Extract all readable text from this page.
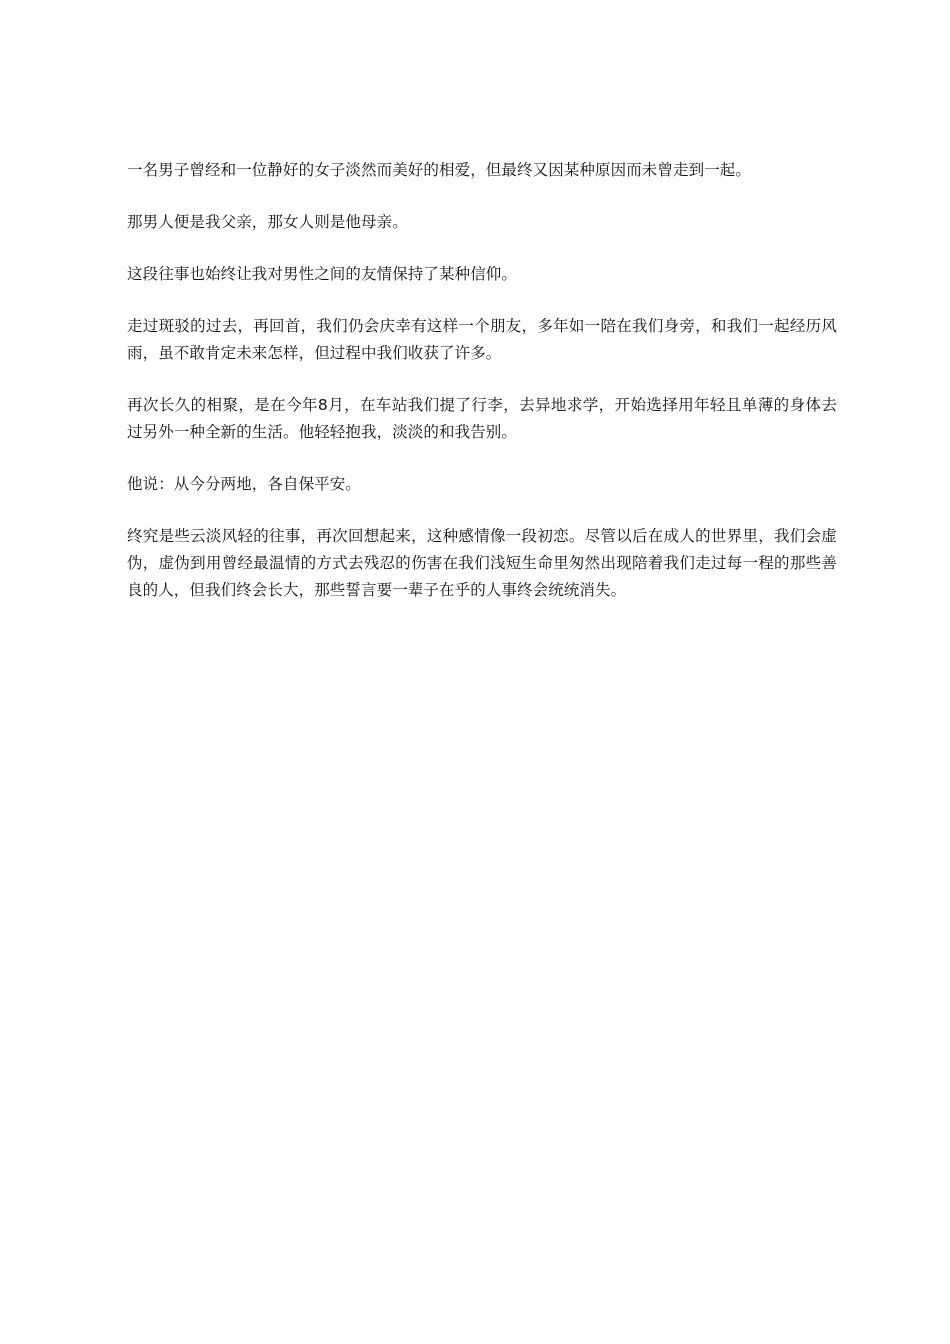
一名男子曾经和一位静好的女子淡然而美好的相爱，但最终又因某种原因而未曾走到一起。

那男人便是我父亲，那女人则是他母亲。

这段往事也始终让我对男性之间的友情保持了某种信仰。

走过斑驳的过去，再回首，我们仍会庆幸有这样一个朋友，多年如一陪在我们身旁，和我们一起经历风雨，虽不敢肯定未来怎样，但过程中我们收获了许多。

再次长久的相聚，是在今年8月，在车站我们提了行李，去异地求学，开始选择用年轻且单薄的身体去过另外一种全新的生活。他轻轻抱我，淡淡的和我告别。

他说：从今分两地，各自保平安。

终究是些云淡风轻的往事，再次回想起来，这种感情像一段初恋。尽管以后在成人的世界里，我们会虚伪，虚伪到用曾经最温情的方式去残忍的伤害在我们浅短生命里匆然出现陪着我们走过每一程的那些善良的人，但我们终会长大，那些誓言要一辈子在乎的人事终会统统消失。
